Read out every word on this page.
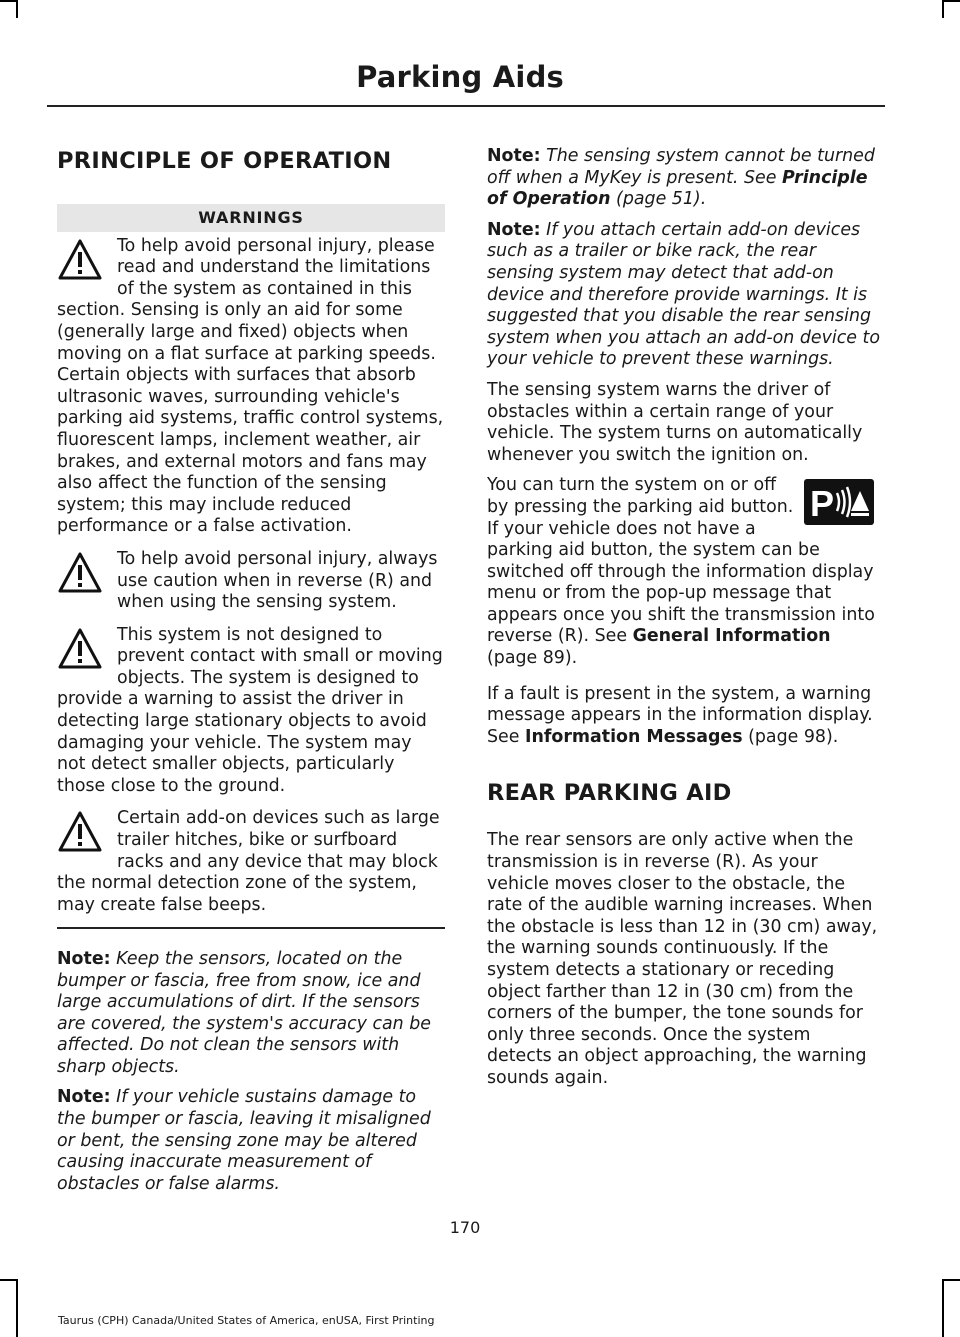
Parking Aids
PRINCIPLE OF OPERATION
WARNINGS
To help avoid personal injury, please read and understand the limitations of the system as contained in this section. Sensing is only an aid for some (generally large and fixed) objects when moving on a flat surface at parking speeds. Certain objects with surfaces that absorb ultrasonic waves, surrounding vehicle's parking aid systems, traffic control systems, fluorescent lamps, inclement weather, air brakes, and external motors and fans may also affect the function of the sensing system; this may include reduced performance or a false activation.
To help avoid personal injury, always use caution when in reverse (R) and when using the sensing system.
This system is not designed to prevent contact with small or moving objects. The system is designed to provide a warning to assist the driver in detecting large stationary objects to avoid damaging your vehicle. The system may not detect smaller objects, particularly those close to the ground.
Certain add-on devices such as large trailer hitches, bike or surfboard racks and any device that may block the normal detection zone of the system, may create false beeps.

Note: Keep the sensors, located on the bumper or fascia, free from snow, ice and large accumulations of dirt. If the sensors are covered, the system's accuracy can be affected. Do not clean the sensors with sharp objects.

Note: If your vehicle sustains damage to the bumper or fascia, leaving it misaligned or bent, the sensing zone may be altered causing inaccurate measurement of obstacles or false alarms.

Note: The sensing system cannot be turned off when a MyKey is present. See Principle of Operation (page 51).

Note: If you attach certain add-on devices such as a trailer or bike rack, the rear sensing system may detect that add-on device and therefore provide warnings. It is suggested that you disable the rear sensing system when you attach an add-on device to your vehicle to prevent these warnings.

The sensing system warns the driver of obstacles within a certain range of your vehicle. The system turns on automatically whenever you switch the ignition on.

P
You can turn the system on or off by pressing the parking aid button. If your vehicle does not have a parking aid button, the system can be switched off through the information display menu or from the pop-up message that appears once you shift the transmission into reverse (R). See General Information (page 89).

If a fault is present in the system, a warning message appears in the information display. See Information Messages (page 98).

REAR PARKING AID

The rear sensors are only active when the transmission is in reverse (R). As your vehicle moves closer to the obstacle, the rate of the audible warning increases. When the obstacle is less than 12 in (30 cm) away, the warning sounds continuously. If the system detects a stationary or receding object farther than 12 in (30 cm) from the corners of the bumper, the tone sounds for only three seconds. Once the system detects an object approaching, the warning sounds again.

170
Taurus (CPH) Canada/United States of America, enUSA, First Printing
